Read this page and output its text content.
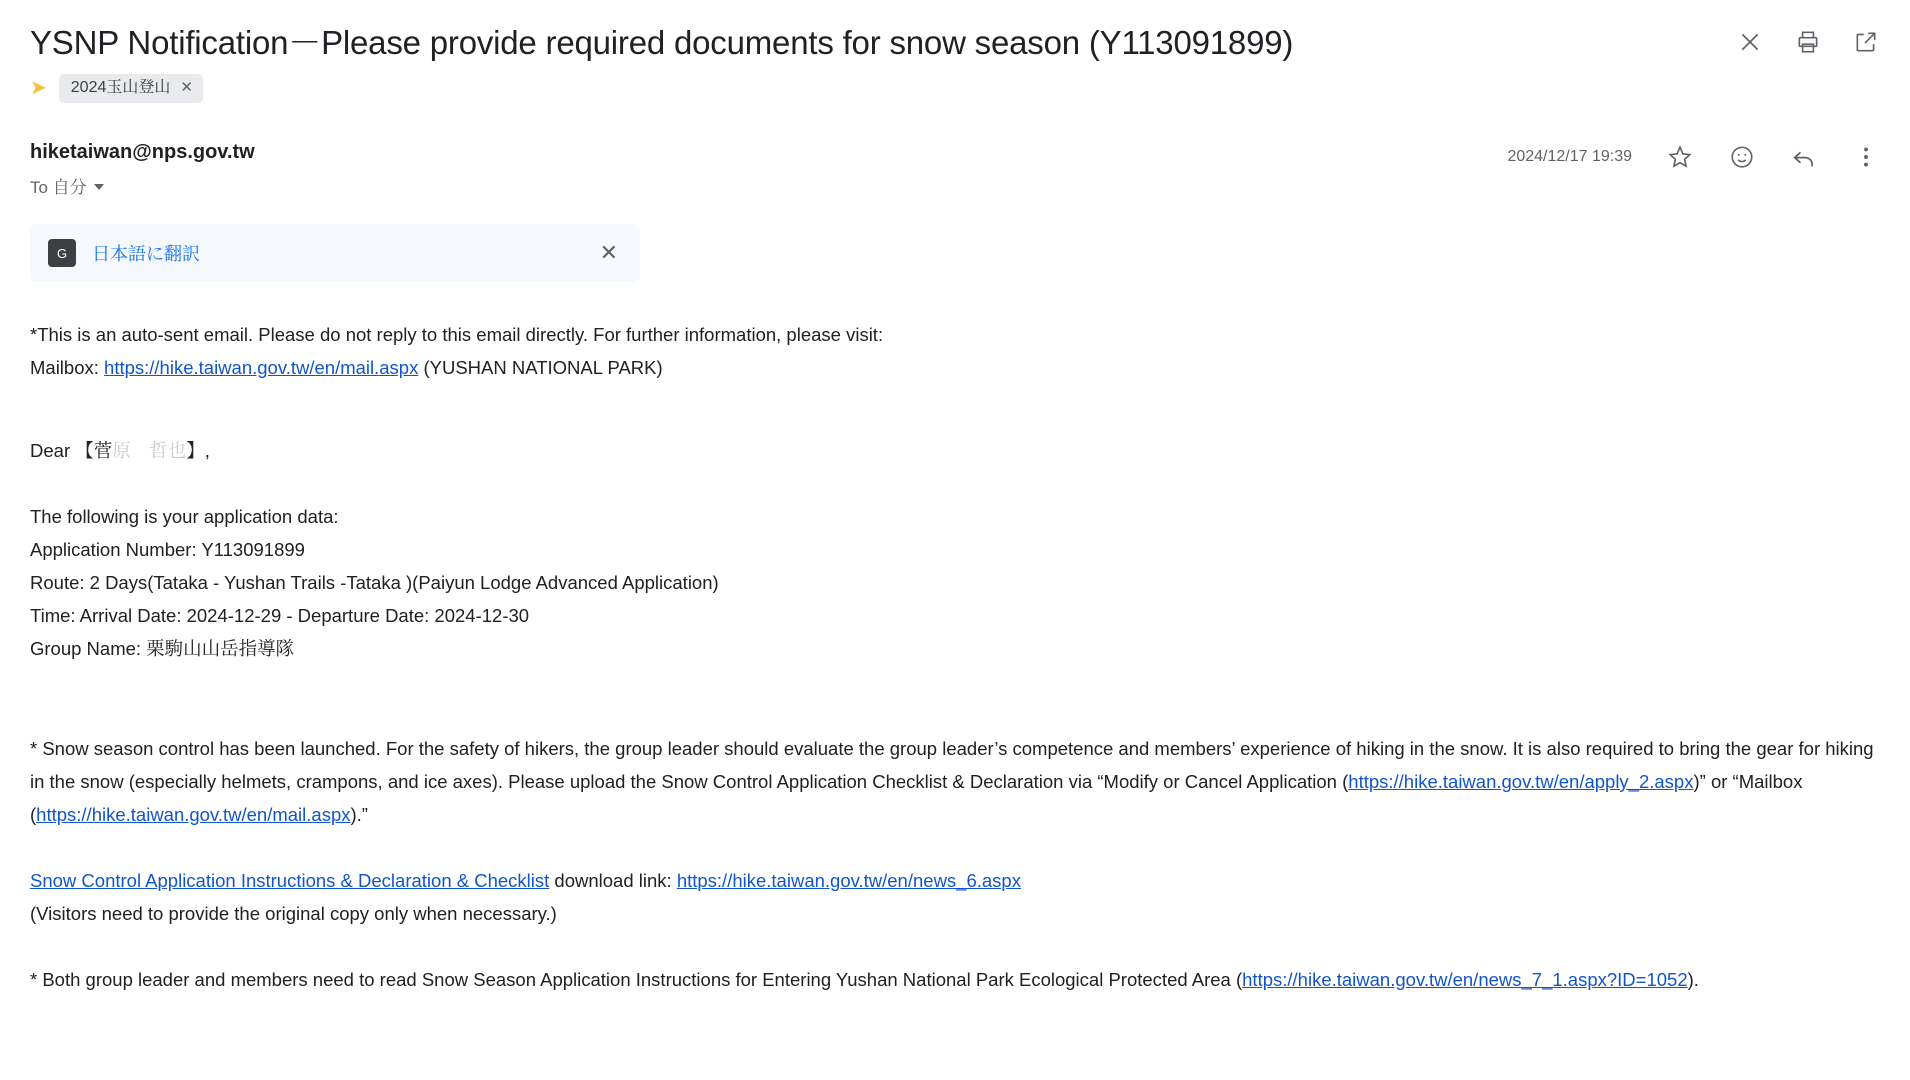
YSNP Notification－Please provide required documents for snow season (Y113091899)
➤ 2024玉山登山 ✕
hiketaiwan@nps.gov.tw
To 自分
2024/12/17 19:39
G 日本語に翻訳	✕

*This is an auto-sent email. Please do not reply to this email directly. For further information, please visit:

Mailbox: https://hike.taiwan.gov.tw/en/mail.aspx (YUSHAN NATIONAL PARK)

Dear 【菅原　哲也】,

The following is your application data:

Application Number: Y113091899

Route: 2 Days(Tataka - Yushan Trails -Tataka )(Paiyun Lodge Advanced Application)

Time: Arrival Date: 2024-12-29 - Departure Date: 2024-12-30

Group Name: 栗駒山山岳指導隊

* Snow season control has been launched. For the safety of hikers, the group leader should evaluate the group leader’s competence and members’ experience of hiking in the snow. It is also required to bring the gear for hiking in the snow (especially helmets, crampons, and ice axes). Please upload the Snow Control Application Checklist & Declaration via “Modify or Cancel Application (https://hike.taiwan.gov.tw/en/apply_2.aspx)” or “Mailbox (https://hike.taiwan.gov.tw/en/mail.aspx).”

Snow Control Application Instructions & Declaration & Checklist download link: https://hike.taiwan.gov.tw/en/news_6.aspx

(Visitors need to provide the original copy only when necessary.)

* Both group leader and members need to read Snow Season Application Instructions for Entering Yushan National Park Ecological Protected Area (https://hike.taiwan.gov.tw/en/news_7_1.aspx?ID=1052).
